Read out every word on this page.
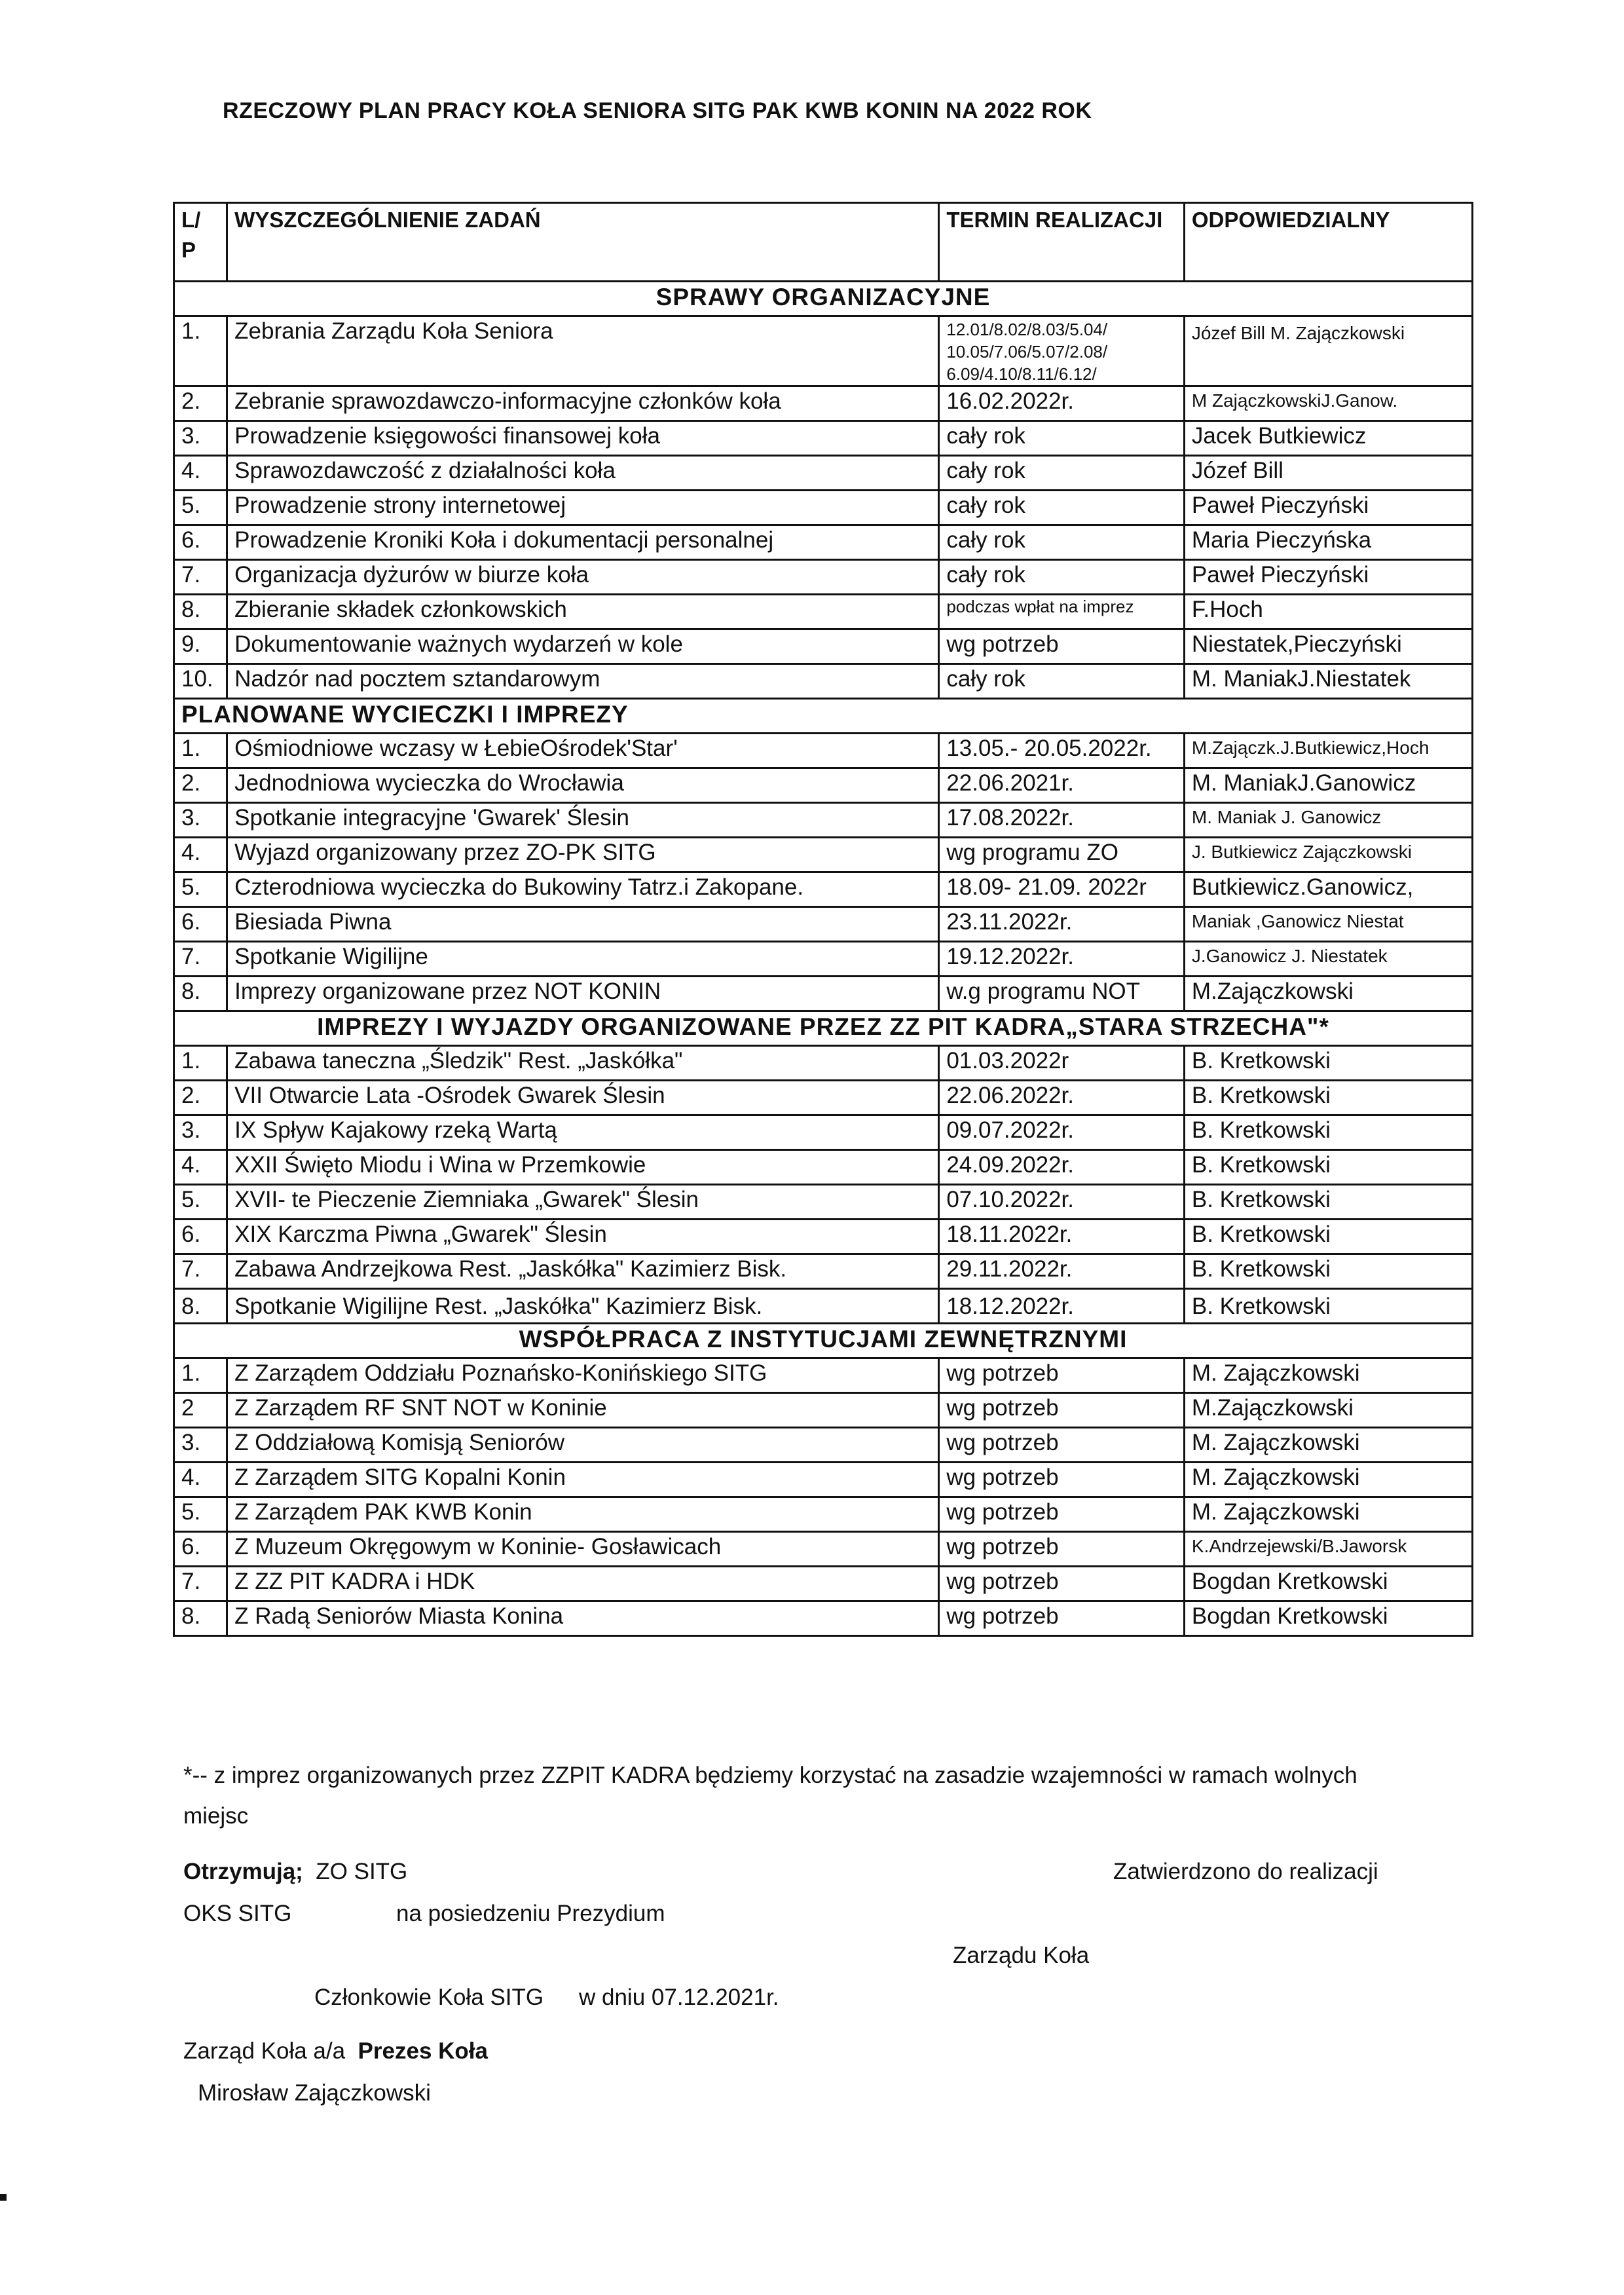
RZECZOWY PLAN PRACY KOŁA SENIORA SITG PAK KWB KONIN NA 2022 ROK
L/ P	WYSZCZEGÓLNIENIE ZADAŃ	TERMIN REALIZACJI	ODPOWIEDZIALNY
SPRAWY ORGANIZACYJNE			
1.	Zebrania Zarządu Koła Seniora	12.01/8.02/8.03/5.04/ 10.05/7.06/5.07/2.08/ 6.09/4.10/8.11/6.12/	Józef Bill M. Zajączkowski
2.	Zebranie sprawozdawczo-informacyjne członków koła	16.02.2022r.	M ZajączkowskiJ.Ganow.
3.	Prowadzenie księgowości finansowej koła	cały rok	Jacek Butkiewicz
4.	Sprawozdawczość z działalności koła	cały rok	Józef Bill
5.	Prowadzenie strony internetowej	cały rok	Paweł Pieczyński
6.	Prowadzenie Kroniki Koła i dokumentacji personalnej	cały rok	Maria Pieczyńska
7.	Organizacja dyżurów w biurze koła	cały rok	Paweł Pieczyński
8.	Zbieranie składek członkowskich	podczas wpłat na imprez	F.Hoch
9.	Dokumentowanie ważnych wydarzeń w kole	wg potrzeb	Niestatek,Pieczyński
10.	Nadzór nad pocztem sztandarowym	cały rok	M. ManiakJ.Niestatek
PLANOWANE WYCIECZKI I IMPREZY			
1.	Ośmiodniowe wczasy w ŁebieOśrodek'Star'	13.05.- 20.05.2022r.	M.Zajączk.J.Butkiewicz,Hoch
2.	Jednodniowa wycieczka do Wrocławia	22.06.2021r.	M. ManiakJ.Ganowicz
3.	Spotkanie integracyjne 'Gwarek' Ślesin	17.08.2022r.	M. Maniak J. Ganowicz
4.	Wyjazd organizowany przez ZO-PK SITG	wg programu ZO	J. Butkiewicz Zajączkowski
5.	Czterodniowa wycieczka do Bukowiny Tatrz.i Zakopane.	18.09- 21.09. 2022r	Butkiewicz.Ganowicz,
6.	Biesiada Piwna	23.11.2022r.	Maniak ,Ganowicz Niestat
7.	Spotkanie Wigilijne	19.12.2022r.	J.Ganowicz J. Niestatek
8.	Imprezy organizowane przez NOT KONIN	w.g programu NOT	M.Zajączkowski
IMPREZY I WYJAZDY ORGANIZOWANE PRZEZ ZZ PIT KADRA„STARA STRZECHA"*			
1.	Zabawa taneczna „Śledzik" Rest. „Jaskółka"	01.03.2022r	B. Kretkowski
2.	VII Otwarcie Lata -Ośrodek Gwarek Ślesin	22.06.2022r.	B. Kretkowski
3.	IX Spływ Kajakowy rzeką Wartą	09.07.2022r.	B. Kretkowski
4.	XXII Święto Miodu i Wina w Przemkowie	24.09.2022r.	B. Kretkowski
5.	XVII- te Pieczenie Ziemniaka „Gwarek" Ślesin	07.10.2022r.	B. Kretkowski
6.	XIX Karczma Piwna „Gwarek" Ślesin	18.11.2022r.	B. Kretkowski
7.	Zabawa Andrzejkowa Rest. „Jaskółka" Kazimierz Bisk.	29.11.2022r.	B. Kretkowski
8.	Spotkanie Wigilijne Rest. „Jaskółka" Kazimierz Bisk.	18.12.2022r.	B. Kretkowski
WSPÓŁPRACA Z INSTYTUCJAMI ZEWNĘTRZNYMI			
1.	Z Zarządem Oddziału Poznańsko-Konińskiego SITG	wg potrzeb	M. Zajączkowski
2	Z Zarządem RF SNT NOT w Koninie	wg potrzeb	M.Zajączkowski
3.	Z Oddziałową Komisją Seniorów	wg potrzeb	M. Zajączkowski
4.	Z Zarządem SITG Kopalni Konin	wg potrzeb	M. Zajączkowski
5.	Z Zarządem PAK KWB Konin	wg potrzeb	M. Zajączkowski
6.	Z Muzeum Okręgowym w Koninie- Gosławicach	wg potrzeb	K.Andrzejewski/B.Jaworsk
7.	Z ZZ PIT KADRA i HDK	wg potrzeb	Bogdan Kretkowski
8.	Z Radą Seniorów Miasta Konina	wg potrzeb	Bogdan Kretkowski
*-- z imprez organizowanych przez ZZPIT KADRA będziemy korzystać na zasadzie wzajemności w ramach wolnych miejsc
Otrzymują; ZO SITG	Zatwierdzono do realizacji
OKS SITG	na posiedzeniu Prezydium
Zarządu Koła
Członkowie Koła SITG w dniu 07.12.2021r.
Zarząd Koła a/a Prezes Koła
Mirosław Zajączkowski
